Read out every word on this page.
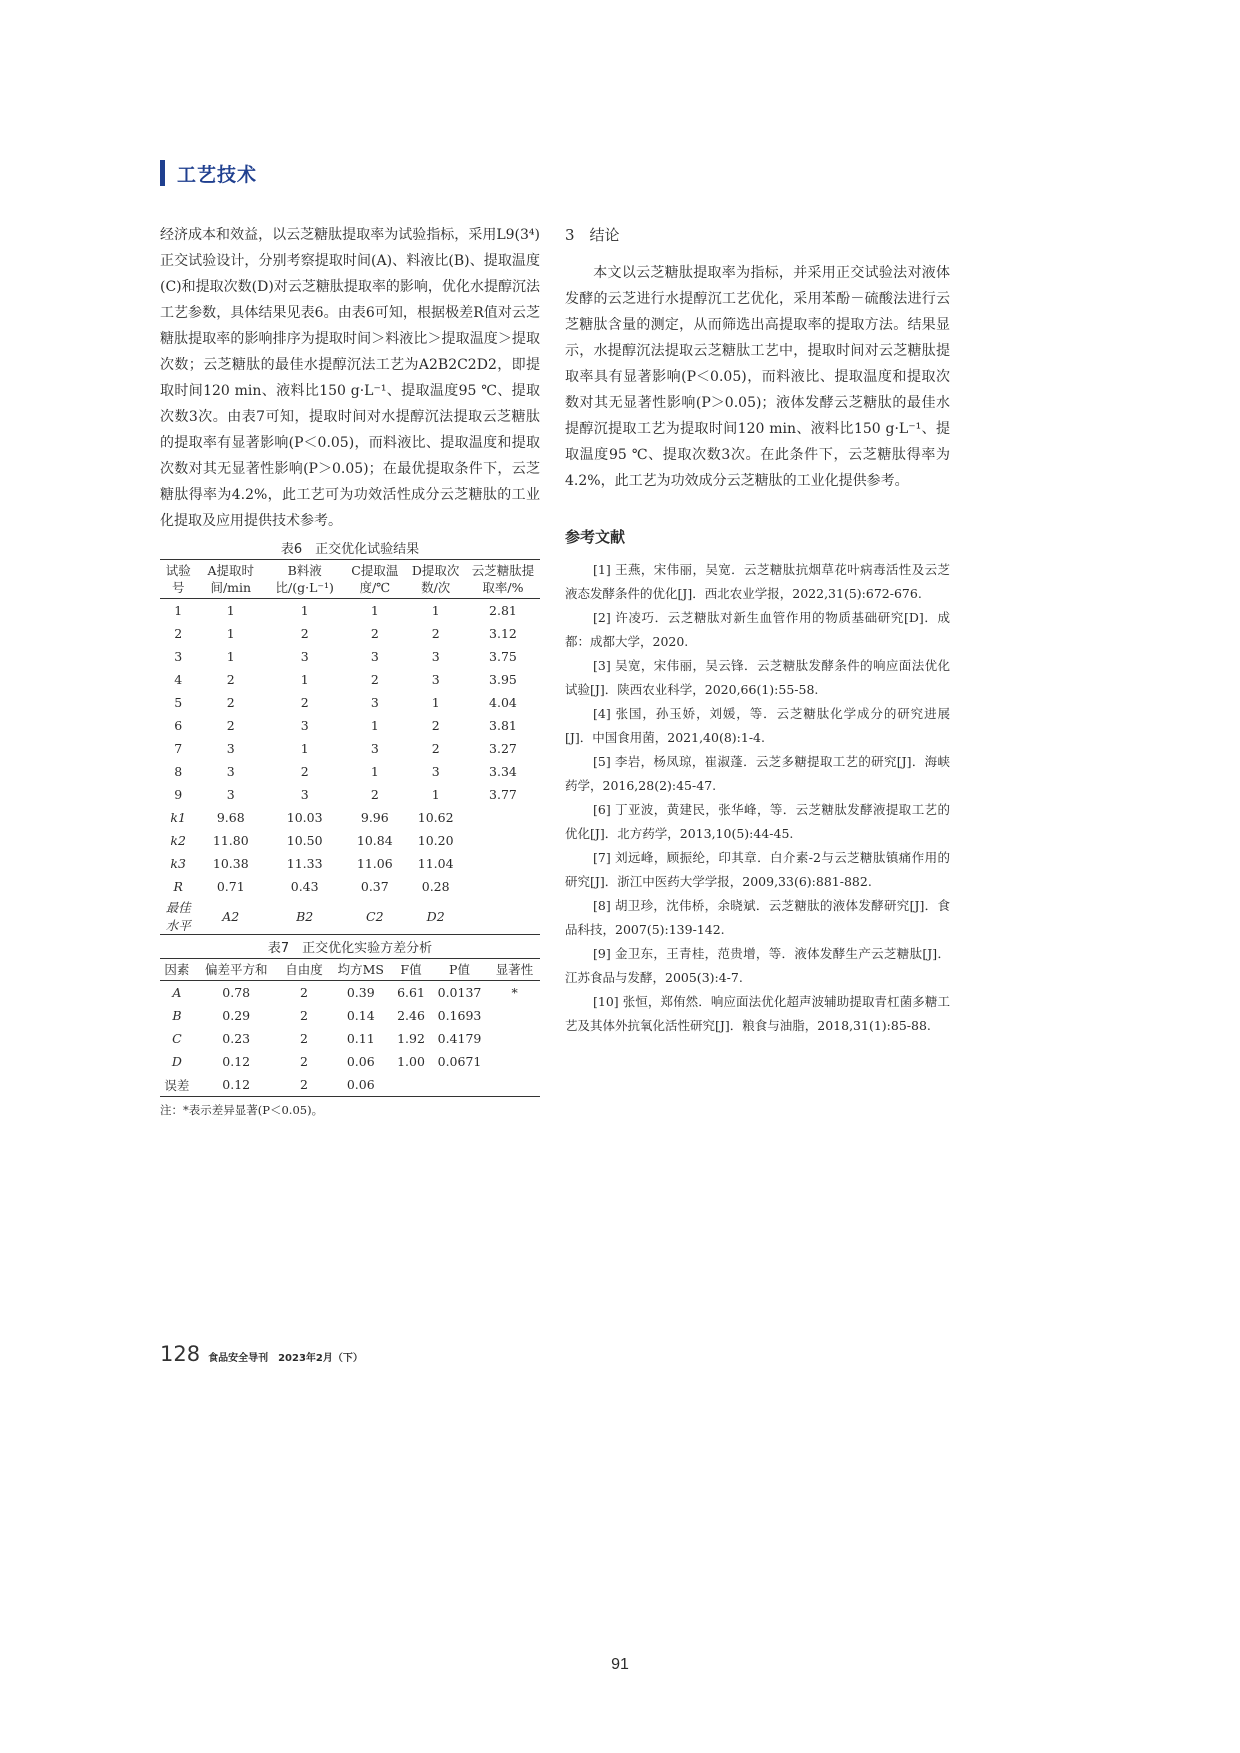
工艺技术

经济成本和效益，以云芝糖肽提取率为试验指标，采用L9(3⁴)正交试验设计，分别考察提取时间(A)、料液比(B)、提取温度(C)和提取次数(D)对云芝糖肽提取率的影响，优化水提醇沉法工艺参数，具体结果见表6。由表6可知，根据极差R值对云芝糖肽提取率的影响排序为提取时间＞料液比＞提取温度＞提取次数；云芝糖肽的最佳水提醇沉法工艺为A2B2C2D2，即提取时间120 min、液料比150 g·L⁻¹、提取温度95 ℃、提取次数3次。由表7可知，提取时间对水提醇沉法提取云芝糖肽的提取率有显著影响(P＜0.05)，而料液比、提取温度和提取次数对其无显著性影响(P＞0.05)；在最优提取条件下，云芝糖肽得率为4.2%，此工艺可为功效活性成分云芝糖肽的工业化提取及应用提供技术参考。

表6　正交优化试验结果
试验号	A提取时间/min	B料液比/(g·L⁻¹)	C提取温度/℃	D提取次数/次	云芝糖肽提取率/%
1	1	1	1	1	2.81
2	1	2	2	2	3.12
3	1	3	3	3	3.75
4	2	1	2	3	3.95
5	2	2	3	1	4.04
6	2	3	1	2	3.81
7	3	1	3	2	3.27
8	3	2	1	3	3.34
9	3	3	2	1	3.77
k1	9.68	10.03	9.96	10.62	
k2	11.80	10.50	10.84	10.20	
k3	10.38	11.33	11.06	11.04	
R	0.71	0.43	0.37	0.28	
最佳水平	A2	B2	C2	D2	
表7　正交优化实验方差分析
因素	偏差平方和	自由度	均方MS	F值	P值	显著性
A	0.78	2	0.39	6.61	0.0137	*
B	0.29	2	0.14	2.46	0.1693	
C	0.23	2	0.11	1.92	0.4179	
D	0.12	2	0.06	1.00	0.0671	
误差	0.12	2	0.06			
注：*表示差异显著(P＜0.05)。
3　结论

本文以云芝糖肽提取率为指标，并采用正交试验法对液体发酵的云芝进行水提醇沉工艺优化，采用苯酚－硫酸法进行云芝糖肽含量的测定，从而筛选出高提取率的提取方法。结果显示，水提醇沉法提取云芝糖肽工艺中，提取时间对云芝糖肽提取率具有显著影响(P＜0.05)，而料液比、提取温度和提取次数对其无显著性影响(P＞0.05)；液体发酵云芝糖肽的最佳水提醇沉提取工艺为提取时间120 min、液料比150 g·L⁻¹、提取温度95 ℃、提取次数3次。在此条件下，云芝糖肽得率为4.2%，此工艺为功效成分云芝糖肽的工业化提供参考。

参考文献

[1] 王燕，宋伟丽，吴宽．云芝糖肽抗烟草花叶病毒活性及云芝液态发酵条件的优化[J]．西北农业学报，2022,31(5):672-676.

[2] 许凌巧．云芝糖肽对新生血管作用的物质基础研究[D]．成都：成都大学，2020.

[3] 吴宽，宋伟丽，吴云锋．云芝糖肽发酵条件的响应面法优化试验[J]．陕西农业科学，2020,66(1):55-58.

[4] 张国，孙玉娇，刘媛，等．云芝糖肽化学成分的研究进展[J]．中国食用菌，2021,40(8):1-4.

[5] 李岩，杨凤琼，崔淑蓬．云芝多糖提取工艺的研究[J]．海峡药学，2016,28(2):45-47.

[6] 丁亚波，黄建民，张华峰，等．云芝糖肽发酵液提取工艺的优化[J]．北方药学，2013,10(5):44-45.

[7] 刘远峰，顾振纶，印其章．白介素-2与云芝糖肽镇痛作用的研究[J]．浙江中医药大学学报，2009,33(6):881-882.

[8] 胡卫珍，沈伟桥，余晓斌．云芝糖肽的液体发酵研究[J]．食品科技，2007(5):139-142.

[9] 金卫东，王青桂，范贵增，等．液体发酵生产云芝糖肽[J]．江苏食品与发酵，2005(3):4-7.

[10] 张恒，郑侑然．响应面法优化超声波辅助提取青杠菌多糖工艺及其体外抗氧化活性研究[J]．粮食与油脂，2018,31(1):85-88.

128 食品安全导刊　2023年2月（下）
91
